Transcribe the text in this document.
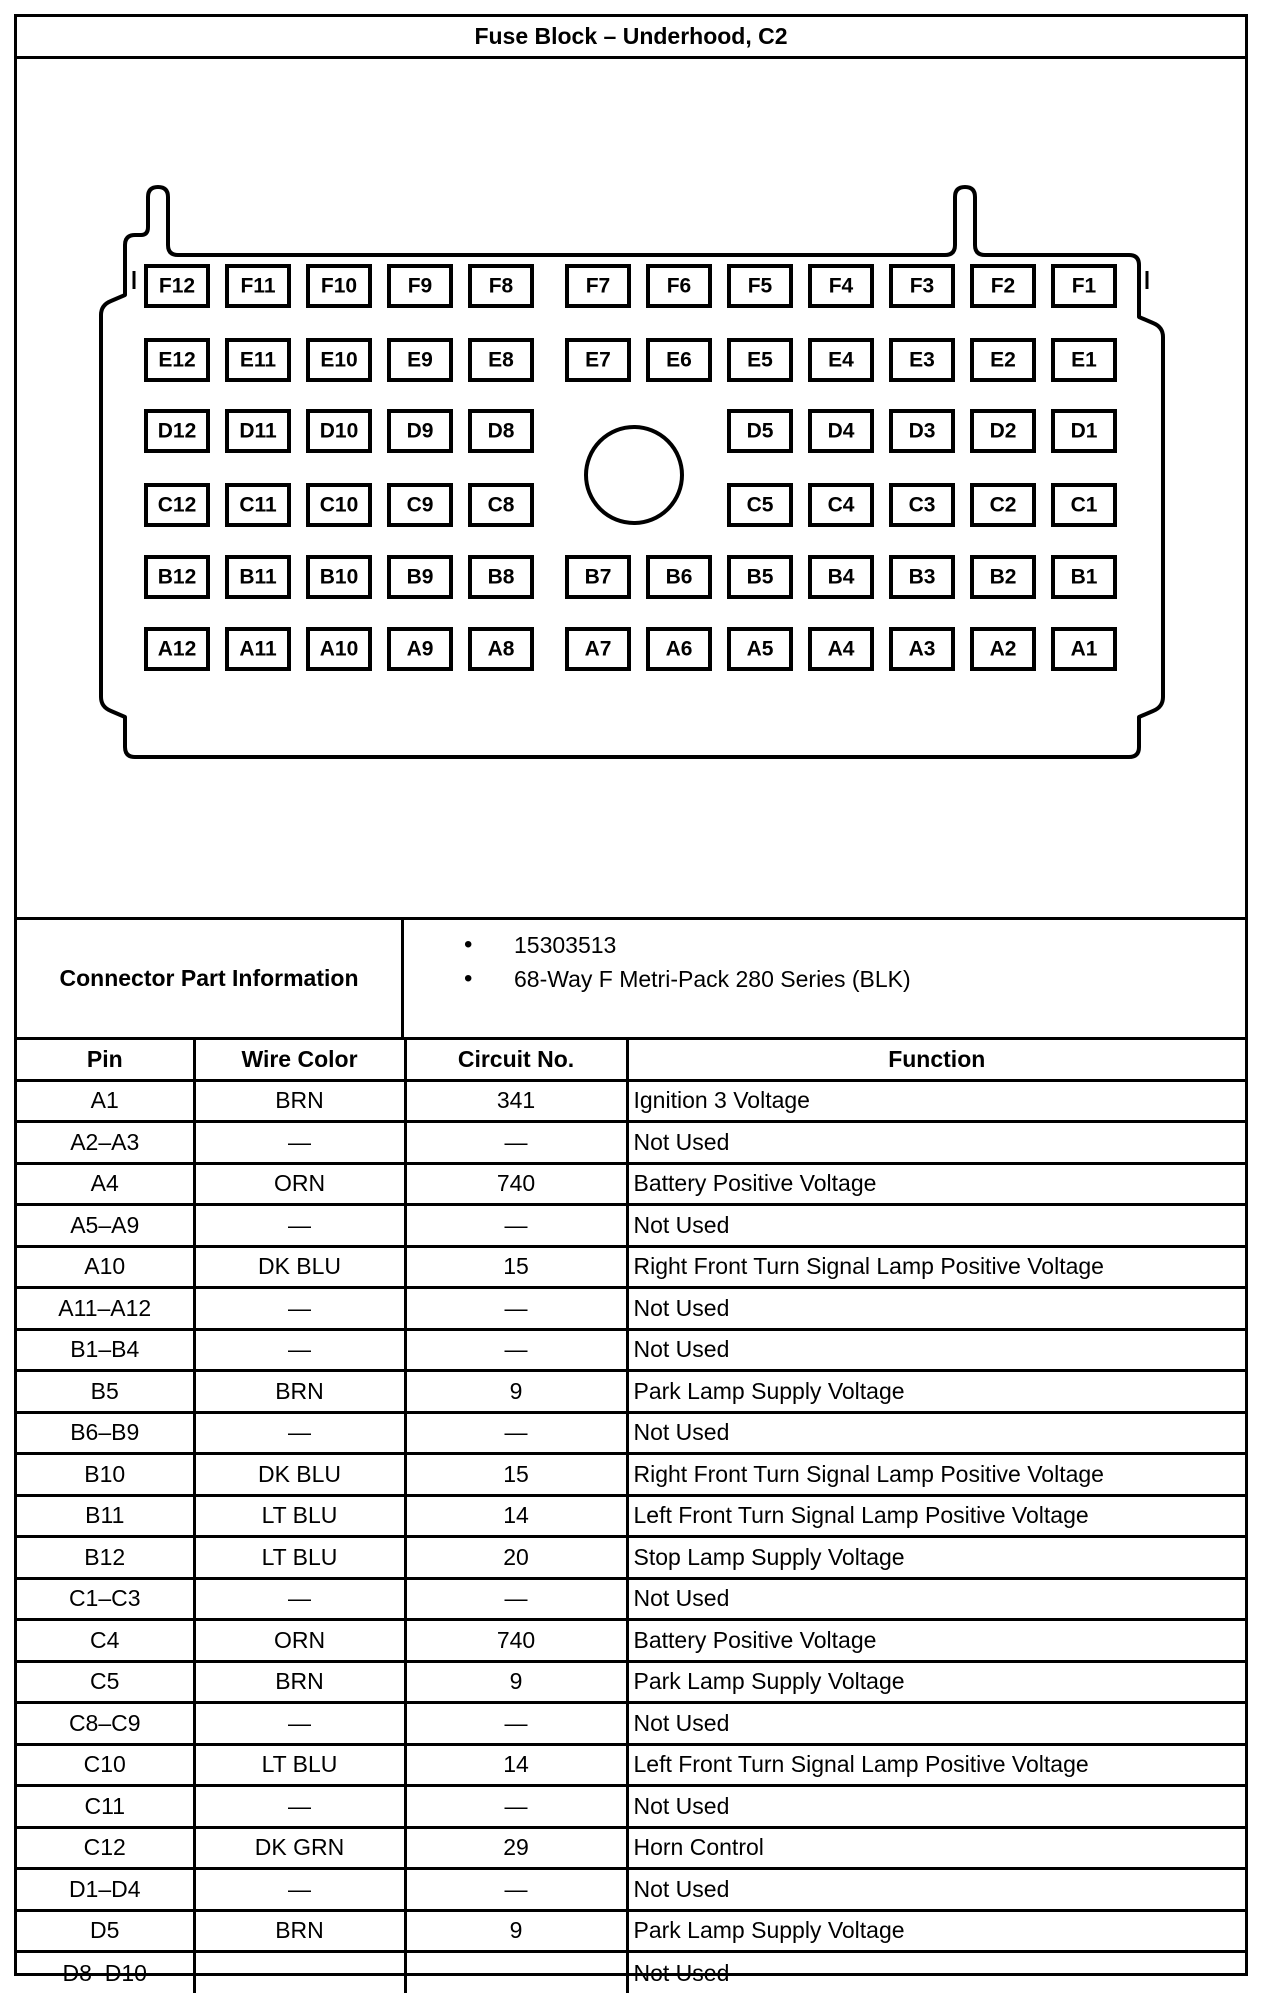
Fuse Block – Underhood, C2
F12 F11 F10 F9	F8	F7	F6	F5	F4	F3	F2	F1
E12 E11 E10 E9	E8	E7	E6	E5	E4	E3	E2	E1
D12 D11 D10 D9	D8	D5	D4	D3	D2	D1
C12 C11 C10 C9	C8	C5	C4	C3	C2	C1
B12 B11 B10 B9	B8	B7	B6	B5	B4	B3	B2	B1
A12 A11 A10 A9	A8	A7	A6	A5	A4	A3	A2	A1
Connector Part Information
• 15303513
• 68-Way F Metri-Pack 280 Series (BLK)
Pin	Wire Color	Circuit No.	Function
A1	BRN	341	Ignition 3 Voltage
A2–A3	—	—	Not Used
A4	ORN	740	Battery Positive Voltage
A5–A9	—	—	Not Used
A10	DK BLU	15	Right Front Turn Signal Lamp Positive Voltage
A11–A12	—	—	Not Used
B1–B4	—	—	Not Used
B5	BRN	9	Park Lamp Supply Voltage
B6–B9	—	—	Not Used
B10	DK BLU	15	Right Front Turn Signal Lamp Positive Voltage
B11	LT BLU	14	Left Front Turn Signal Lamp Positive Voltage
B12	LT BLU	20	Stop Lamp Supply Voltage
C1–C3	—	—	Not Used
C4	ORN	740	Battery Positive Voltage
C5	BRN	9	Park Lamp Supply Voltage
C8–C9	—	—	Not Used
C10	LT BLU	14	Left Front Turn Signal Lamp Positive Voltage
C11	—	—	Not Used
C12	DK GRN	29	Horn Control
D1–D4	—	—	Not Used
D5	BRN	9	Park Lamp Supply Voltage
D8–D10	—	—	Not Used
